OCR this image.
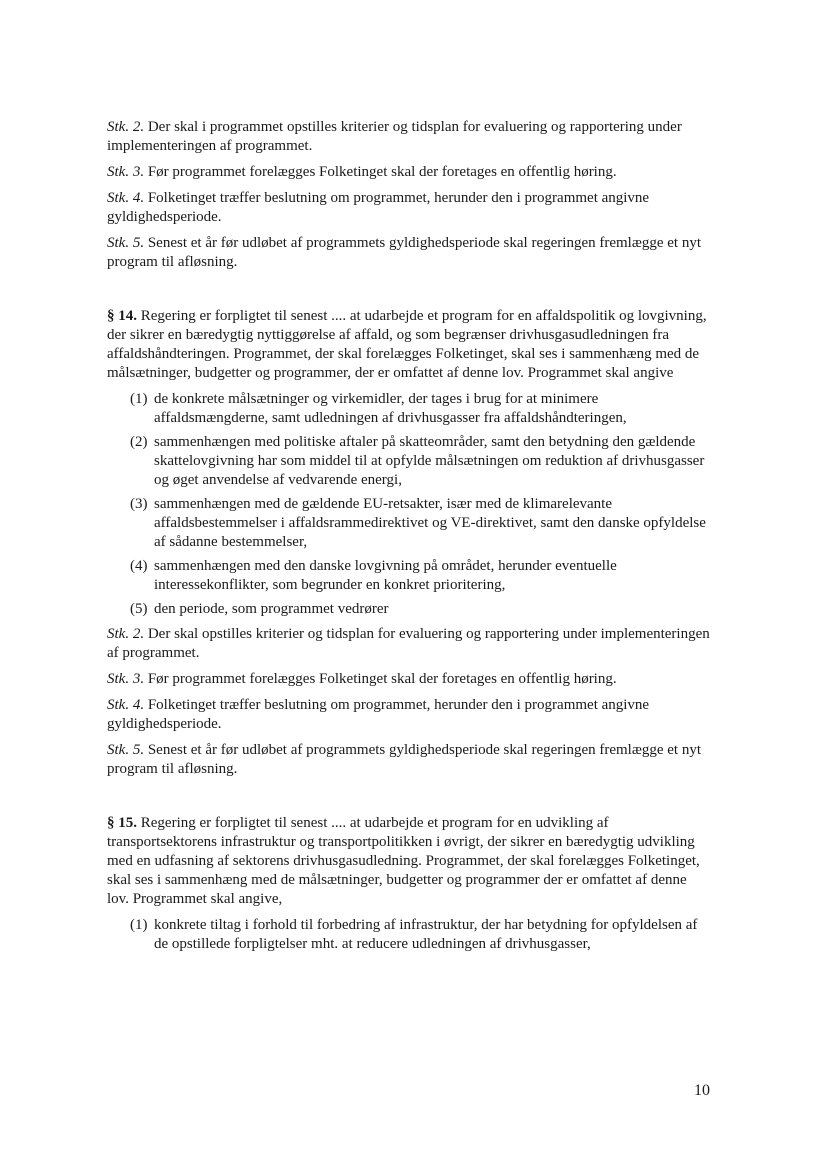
Stk. 2. Der skal i programmet opstilles kriterier og tidsplan for evaluering og rapportering under implementeringen af programmet.

Stk. 3. Før programmet forelægges Folketinget skal der foretages en offentlig høring.

Stk. 4. Folketinget træffer beslutning om programmet, herunder den i programmet angivne gyldighedsperiode.

Stk. 5. Senest et år før udløbet af programmets gyldighedsperiode skal regeringen fremlægge et nyt program til afløsning.

§ 14. Regering er forpligtet til senest .... at udarbejde et program for en affaldspolitik og lovgivning, der sikrer en bæredygtig nyttiggørelse af affald, og som begrænser drivhusgasudledningen fra affaldshåndteringen. Programmet, der skal forelægges Folketinget, skal ses i sammenhæng med de målsætninger, budgetter og programmer, der er omfattet af denne lov. Programmet skal angive

(1) de konkrete målsætninger og virkemidler, der tages i brug for at minimere affaldsmængderne, samt udledningen af drivhusgasser fra affaldshåndteringen,
(2) sammenhængen med politiske aftaler på skatteområder, samt den betydning den gældende skattelovgivning har som middel til at opfylde målsætningen om reduktion af drivhusgasser og øget anvendelse af vedvarende energi,
(3) sammenhængen med de gældende EU-retsakter, især med de klimarelevante affaldsbestemmelser i affaldsrammedirektivet og VE-direktivet, samt den danske opfyldelse af sådanne bestemmelser,
(4) sammenhængen med den danske lovgivning på området, herunder eventuelle interessekonflikter, som begrunder en konkret prioritering,
(5) den periode, som programmet vedrører

Stk. 2. Der skal opstilles kriterier og tidsplan for evaluering og rapportering under implementeringen af programmet.

Stk. 3. Før programmet forelægges Folketinget skal der foretages en offentlig høring.

Stk. 4. Folketinget træffer beslutning om programmet, herunder den i programmet angivne gyldighedsperiode.

Stk. 5. Senest et år før udløbet af programmets gyldighedsperiode skal regeringen fremlægge et nyt program til afløsning.

§ 15. Regering er forpligtet til senest .... at udarbejde et program for en udvikling af transportsektorens infrastruktur og transportpolitikken i øvrigt, der sikrer en bæredygtig udvikling med en udfasning af sektorens drivhusgasudledning. Programmet, der skal forelægges Folketinget, skal ses i sammenhæng med de målsætninger, budgetter og programmer der er omfattet af denne lov. Programmet skal angive,

(1) konkrete tiltag i forhold til forbedring af infrastruktur, der har betydning for opfyldelsen af de opstillede forpligtelser mht. at reducere udledningen af drivhusgasser,
10
